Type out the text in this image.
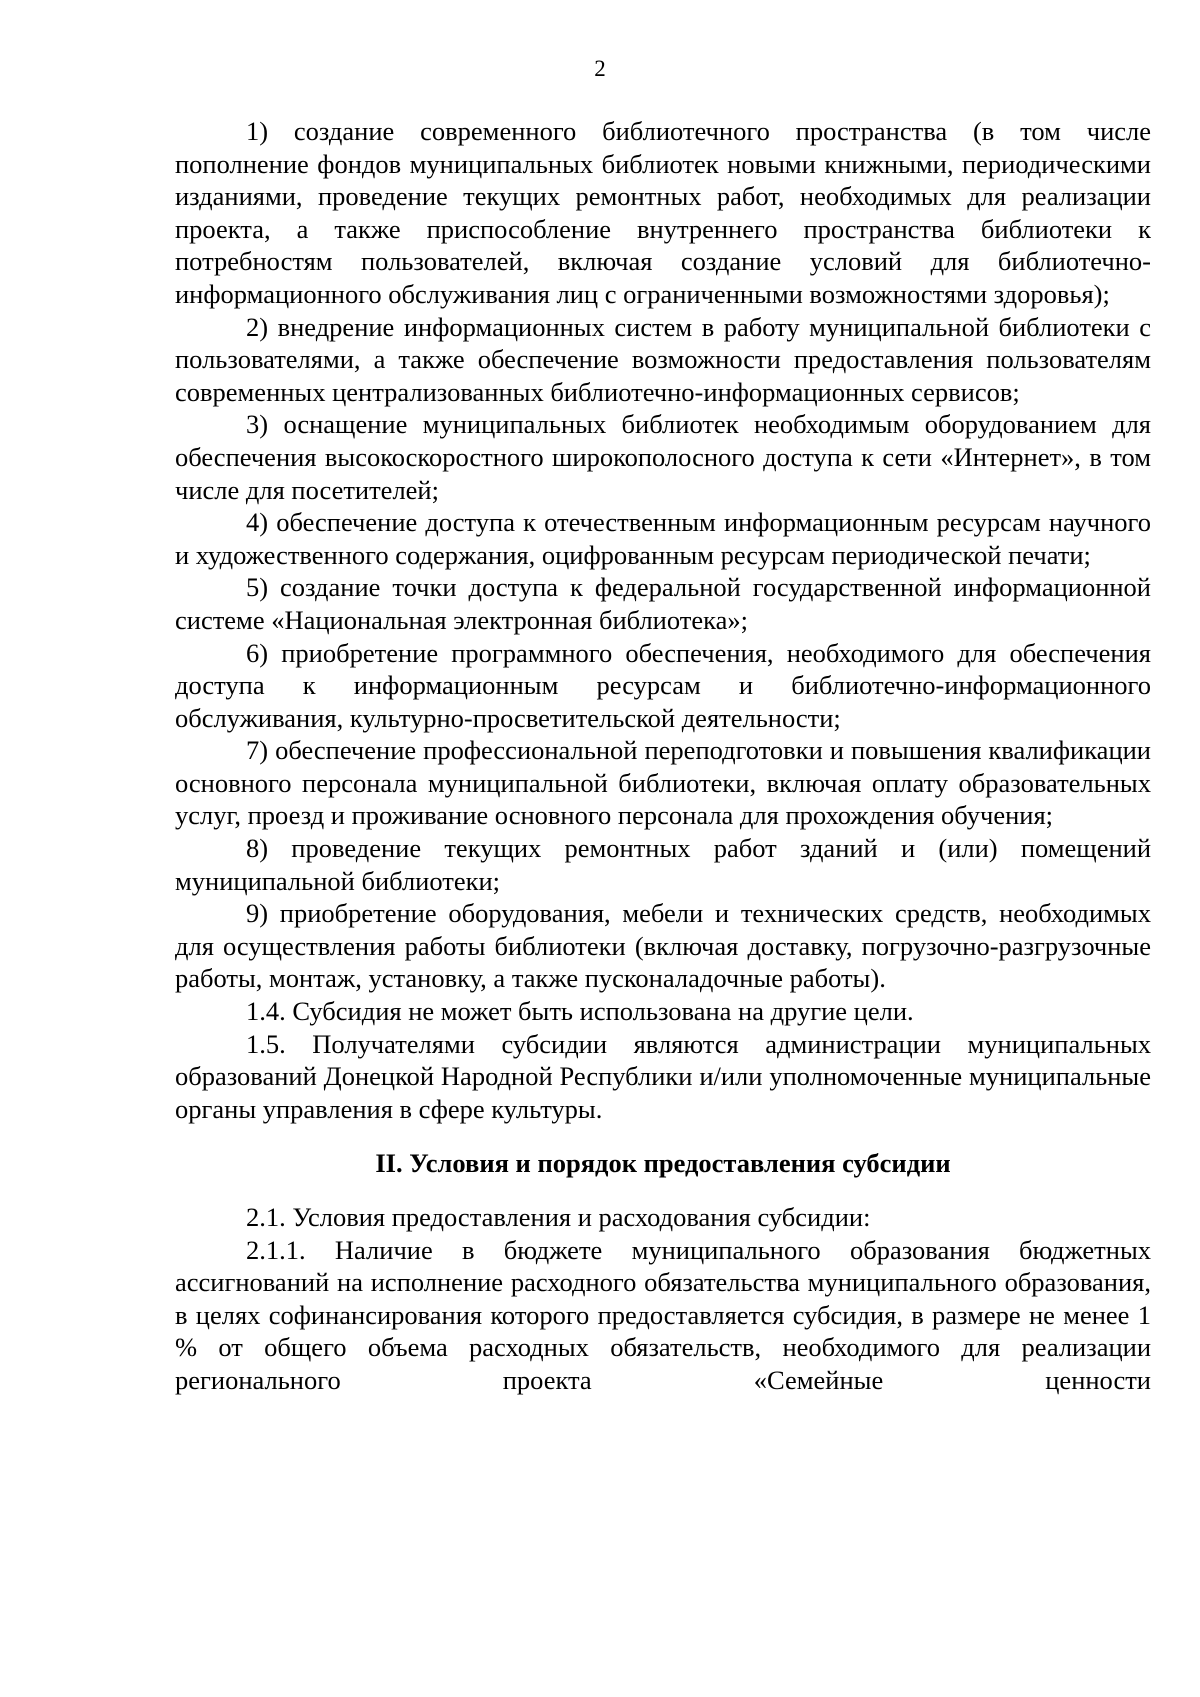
2

1) создание современного библиотечного пространства (в том числе пополнение фондов муниципальных библиотек новыми книжными, периодическими изданиями, проведение текущих ремонтных работ, необходимых для реализации проекта, а также приспособление внутреннего пространства библиотеки к потребностям пользователей, включая создание условий для библиотечно-информационного обслуживания лиц с ограниченными возможностями здоровья);

2) внедрение информационных систем в работу муниципальной библиотеки с пользователями, а также обеспечение возможности предоставления пользователям современных централизованных библиотечно-информационных сервисов;

3) оснащение муниципальных библиотек необходимым оборудованием для обеспечения высокоскоростного широкополосного доступа к сети «Интернет», в том числе для посетителей;

4) обеспечение доступа к отечественным информационным ресурсам научного и художественного содержания, оцифрованным ресурсам периодической печати;

5) создание точки доступа к федеральной государственной информационной системе «Национальная электронная библиотека»;

6) приобретение программного обеспечения, необходимого для обеспечения доступа к информационным ресурсам и библиотечно-информационного обслуживания, культурно-просветительской деятельности;

7) обеспечение профессиональной переподготовки и повышения квалификации основного персонала муниципальной библиотеки, включая оплату образовательных услуг, проезд и проживание основного персонала для прохождения обучения;

8) проведение текущих ремонтных работ зданий и (или) помещений муниципальной библиотеки;

9) приобретение оборудования, мебели и технических средств, необходимых для осуществления работы библиотеки (включая доставку, погрузочно-разгрузочные работы, монтаж, установку, а также пусконаладочные работы).

1.4. Субсидия не может быть использована на другие цели.

1.5. Получателями субсидии являются администрации муниципальных образований Донецкой Народной Республики и/или уполномоченные муниципальные органы управления в сфере культуры.

II. Условия и порядок предоставления субсидии

2.1. Условия предоставления и расходования субсидии:

2.1.1. Наличие в бюджете муниципального образования бюджетных ассигнований на исполнение расходного обязательства муниципального образования, в целях софинансирования которого предоставляется субсидия, в размере не менее 1 % от общего объема расходных обязательств, необходимого для реализации регионального проекта «Семейные ценности
